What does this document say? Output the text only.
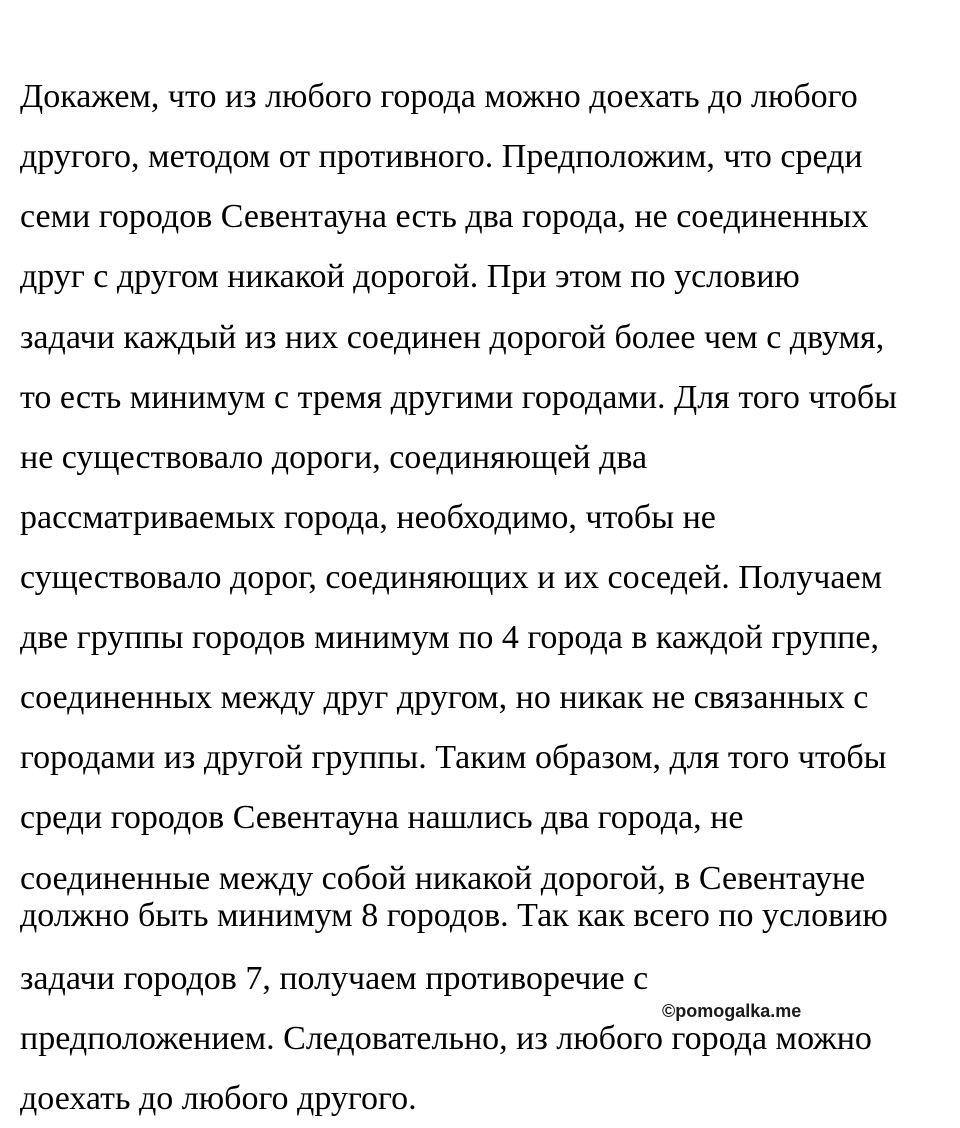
Докажем, что из любого города можно доехать до любого

другого, методом от противного. Предположим, что среди

семи городов Севентауна есть два города, не соединенных

друг с другом никакой дорогой. При этом по условию

задачи каждый из них соединен дорогой более чем с двумя,

то есть минимум с тремя другими городами. Для того чтобы

не существовало дороги, соединяющей два

рассматриваемых города, необходимо, чтобы не

существовало дорог, соединяющих и их соседей. Получаем

две группы городов минимум по 4 города в каждой группе,

соединенных между друг другом, но никак не связанных с

городами из другой группы. Таким образом, для того чтобы

среди городов Севентауна нашлись два города, не

соединенные между собой никакой дорогой, в Севентауне

должно быть минимум 8 городов. Так как всего по условию

задачи городов 7, получаем противоречие с

предположением. Следовательно, из любого города можно

доехать до любого другого.

©pomogalka.me
